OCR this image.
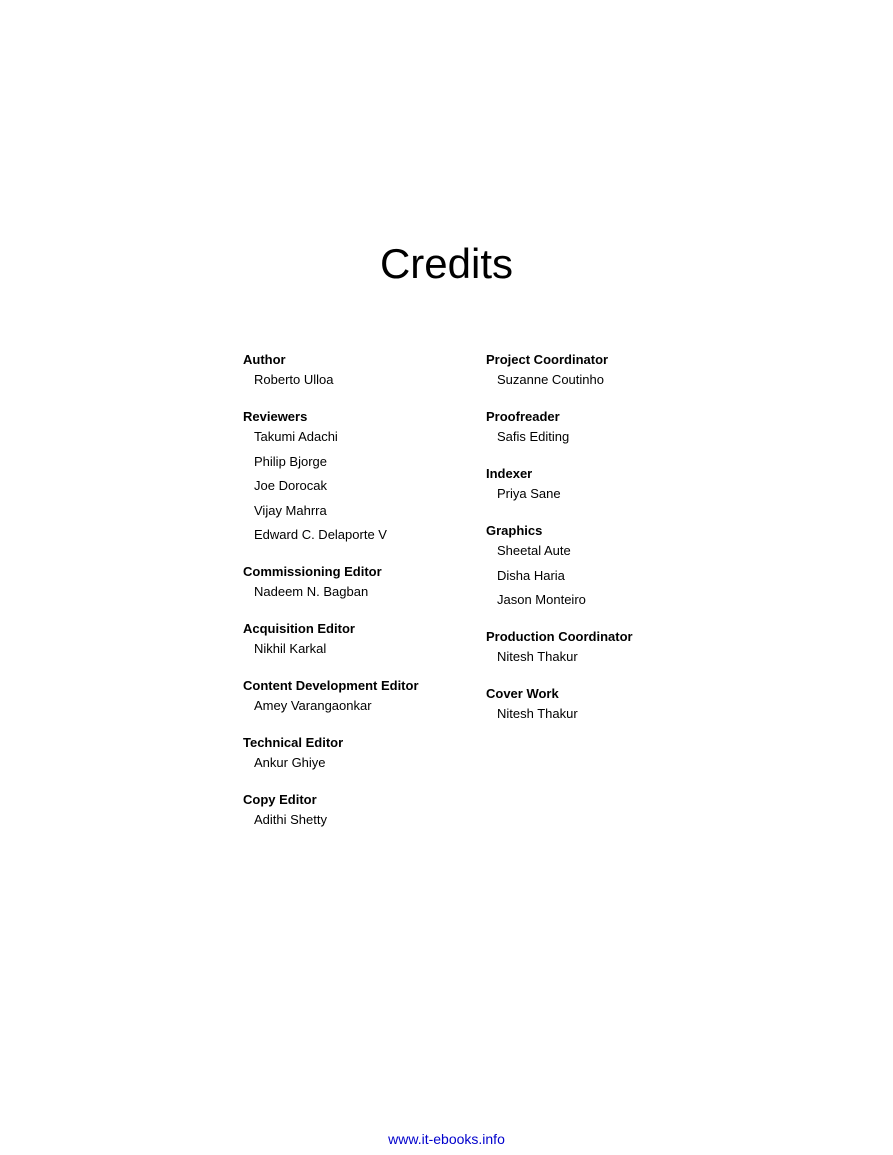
Credits
Author
Roberto Ulloa
Reviewers
Takumi Adachi
Philip Bjorge
Joe Dorocak
Vijay Mahrra
Edward C. Delaporte V
Commissioning Editor
Nadeem N. Bagban
Acquisition Editor
Nikhil Karkal
Content Development Editor
Amey Varangaonkar
Technical Editor
Ankur Ghiye
Copy Editor
Adithi Shetty
Project Coordinator
Suzanne Coutinho
Proofreader
Safis Editing
Indexer
Priya Sane
Graphics
Sheetal Aute
Disha Haria
Jason Monteiro
Production Coordinator
Nitesh Thakur
Cover Work
Nitesh Thakur
www.it-ebooks.info
